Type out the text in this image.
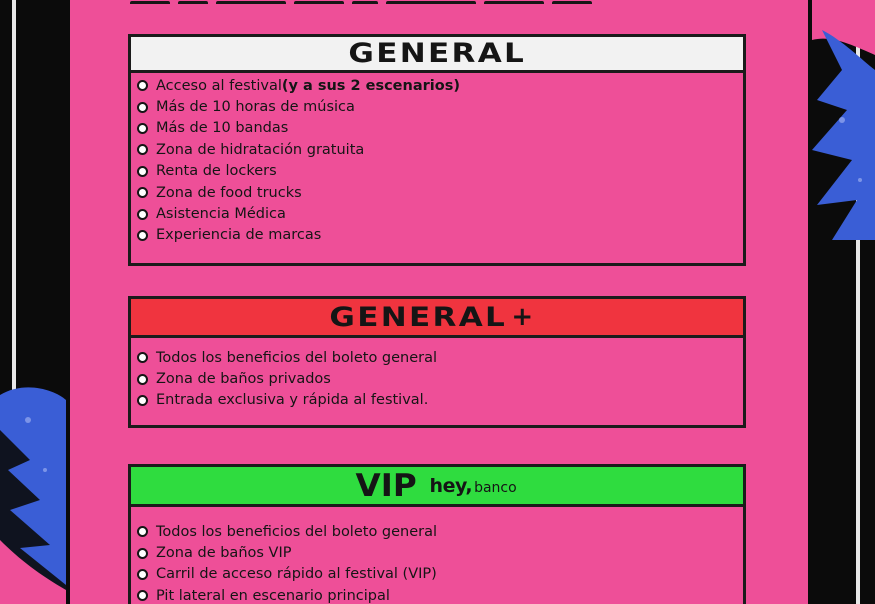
GENERAL
Acceso al festival (y a sus 2 escenarios)
Más de 10 horas de música
Más de 10 bandas
Zona de hidratación gratuita
Renta de lockers
Zona de food trucks
Asistencia Médica
Experiencia de marcas
GENERAL +
Todos los beneficios del boleto general
Zona de baños privados
Entrada exclusiva y rápida al festival.
VIP hey, banco
Todos los beneficios del boleto general
Zona de baños VIP
Carril de acceso rápido al festival (VIP)
Pit lateral en escenario principal
